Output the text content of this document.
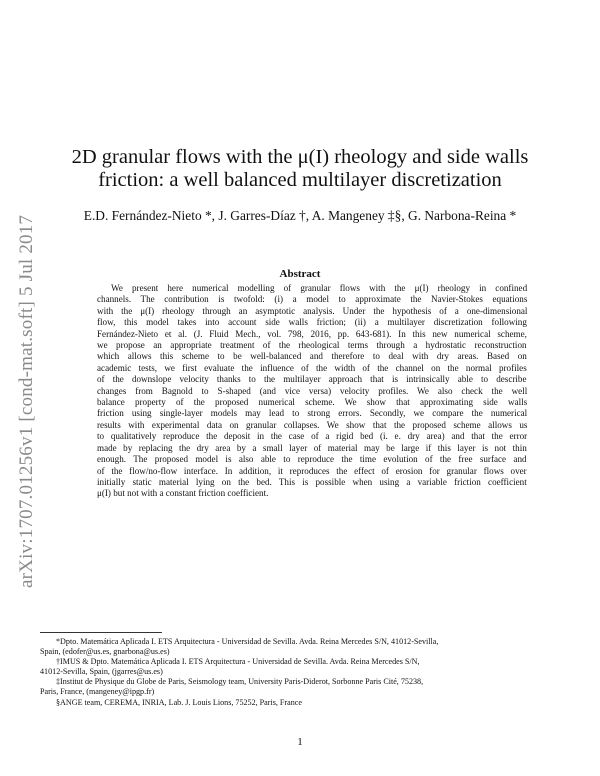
arXiv:1707.01256v1 [cond-mat.soft] 5 Jul 2017
2D granular flows with the μ(I) rheology and side walls
friction: a well balanced multilayer discretization
E.D. Fernández-Nieto *, J. Garres-Díaz †, A. Mangeney ‡§, G. Narbona-Reina *
Abstract
We present here numerical modelling of granular flows with the μ(I) rheology in confined
channels. The contribution is twofold: (i) a model to approximate the Navier-Stokes equations
with the μ(I) rheology through an asymptotic analysis. Under the hypothesis of a one-dimensional
flow, this model takes into account side walls friction; (ii) a multilayer discretization following
Fernández-Nieto et al. (J. Fluid Mech., vol. 798, 2016, pp. 643-681). In this new numerical scheme,
we propose an appropriate treatment of the rheological terms through a hydrostatic reconstruction
which allows this scheme to be well-balanced and therefore to deal with dry areas. Based on
academic tests, we first evaluate the influence of the width of the channel on the normal profiles
of the downslope velocity thanks to the multilayer approach that is intrinsically able to describe
changes from Bagnold to S-shaped (and vice versa) velocity profiles. We also check the well
balance property of the proposed numerical scheme. We show that approximating side walls
friction using single-layer models may lead to strong errors. Secondly, we compare the numerical
results with experimental data on granular collapses. We show that the proposed scheme allows us
to qualitatively reproduce the deposit in the case of a rigid bed (i. e. dry area) and that the error
made by replacing the dry area by a small layer of material may be large if this layer is not thin
enough. The proposed model is also able to reproduce the time evolution of the free surface and
of the flow/no-flow interface. In addition, it reproduces the effect of erosion for granular flows over
initially static material lying on the bed. This is possible when using a variable friction coefficient
μ(I) but not with a constant friction coefficient.
*Dpto. Matemática Aplicada I. ETS Arquitectura - Universidad de Sevilla. Avda. Reina Mercedes S/N, 41012-Sevilla,
Spain, (edofer@us.es, gnarbona@us.es)
†IMUS & Dpto. Matemática Aplicada I. ETS Arquitectura - Universidad de Sevilla. Avda. Reina Mercedes S/N,
41012-Sevilla, Spain, (jgarres@us.es)
‡Institut de Physique du Globe de Paris, Seismology team, University Paris-Diderot, Sorbonne Paris Cité, 75238,
Paris, France, (mangeney@ipgp.fr)
§ANGE team, CEREMA, INRIA, Lab. J. Louis Lions, 75252, Paris, France
1
